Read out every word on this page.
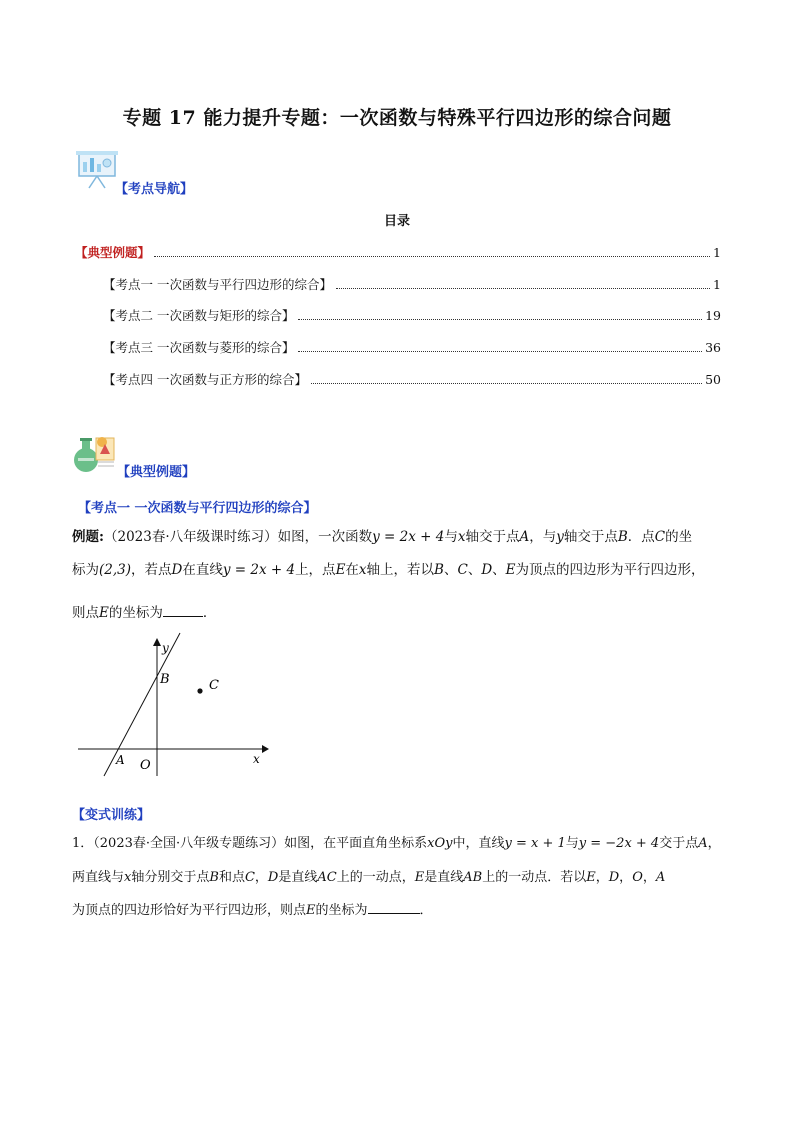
专题 17 能力提升专题：一次函数与特殊平行四边形的综合问题
【考点导航】
目录
【典型例题】	1
【考点一 一次函数与平行四边形的综合】	1
【考点二 一次函数与矩形的综合】	19
【考点三 一次函数与菱形的综合】	36
【考点四 一次函数与正方形的综合】	50
【典型例题】
【考点一 一次函数与平行四边形的综合】
例题:（2023春·八年级课时练习）如图，一次函数y = 2x + 4与x轴交于点A，与y轴交于点B．点C的坐
标为(2,3)，若点D在直线y = 2x + 4上，点E在x轴上，若以B、C、D、E为顶点的四边形为平行四边形，
则点E的坐标为	．
y
B	C
A O	x
【变式训练】
1．（2023春·全国·八年级专题练习）如图，在平面直角坐标系xOy中，直线y = x + 1与y = −2x + 4交于点A，
两直线与x轴分别交于点B和点C，D是直线AC上的一动点，E是直线AB上的一动点．若以E，D，O，A
为顶点的四边形恰好为平行四边形，则点E的坐标为	．
